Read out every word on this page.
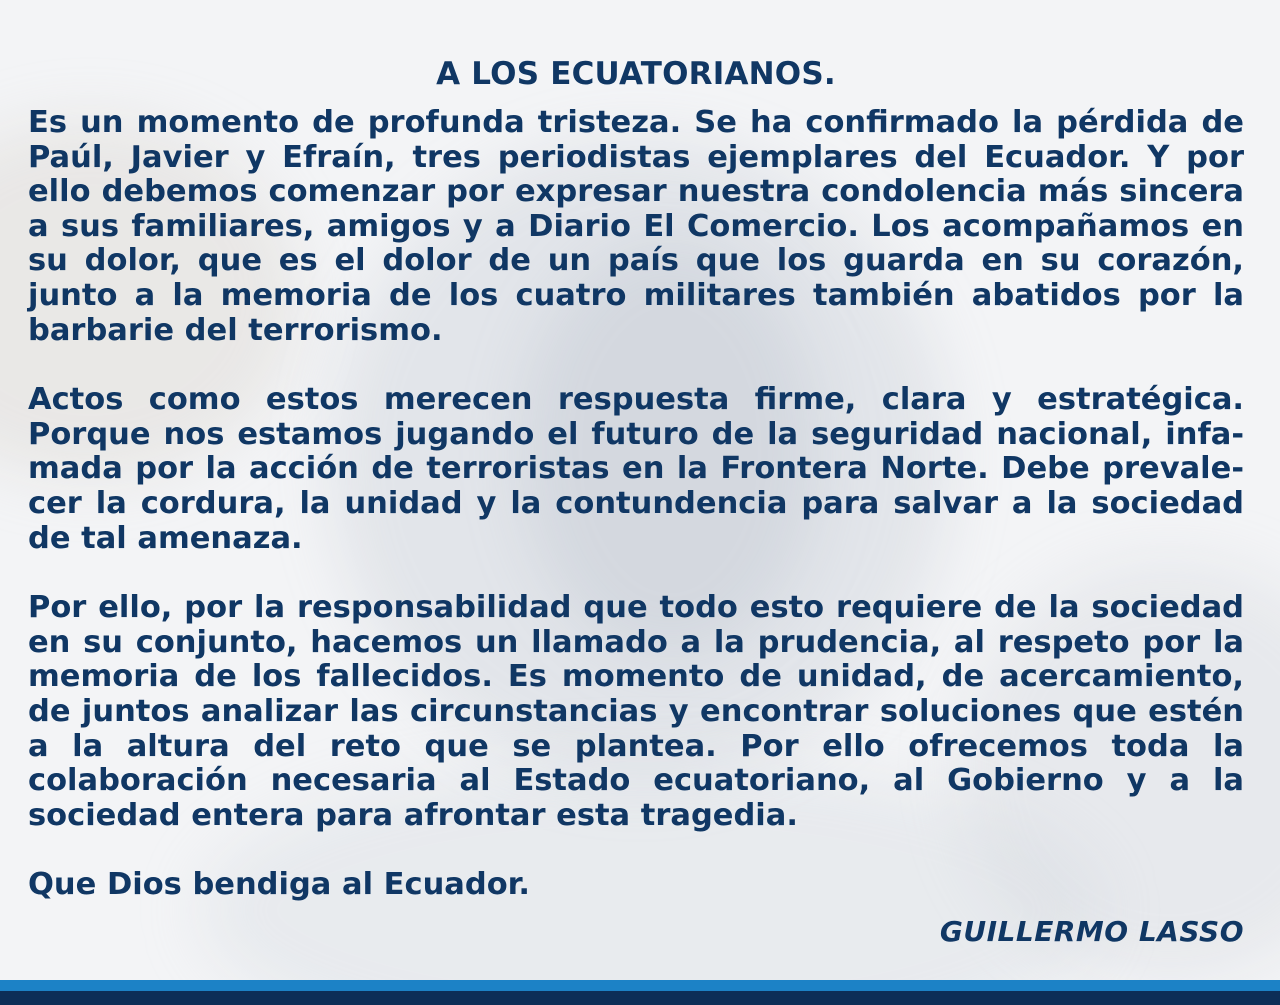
A LOS ECUATORIANOS.

Es un momento de profunda tristeza. Se ha confirmado la pérdida de Paúl, Javier y Efraín, tres periodistas ejemplares del Ecuador. Y por ello debemos comenzar por expresar nuestra condolencia más sincera a sus familiares, amigos y a Diario El Comercio. Los acompañamos en su dolor, que es el dolor de un país que los guarda en su corazón, junto a la memoria de los cuatro militares también abatidos por la barbarie del terrorismo.

Actos como estos merecen respuesta firme, clara y estratégica. Porque nos estamos jugando el futuro de la seguridad nacional, infamada por la acción de terroristas en la Frontera Norte. Debe prevalecer la cordura, la unidad y la contundencia para salvar a la sociedad de tal amenaza.

Por ello, por la responsabilidad que todo esto requiere de la sociedad en su conjunto, hacemos un llamado a la prudencia, al respeto por la memoria de los fallecidos. Es momento de unidad, de acercamiento, de juntos analizar las circunstancias y encontrar soluciones que estén a la altura del reto que se plantea. Por ello ofrecemos toda la colaboración necesaria al Estado ecuatoriano, al Gobierno y a la sociedad entera para afrontar esta tragedia.

Que Dios bendiga al Ecuador.

GUILLERMO LASSO
